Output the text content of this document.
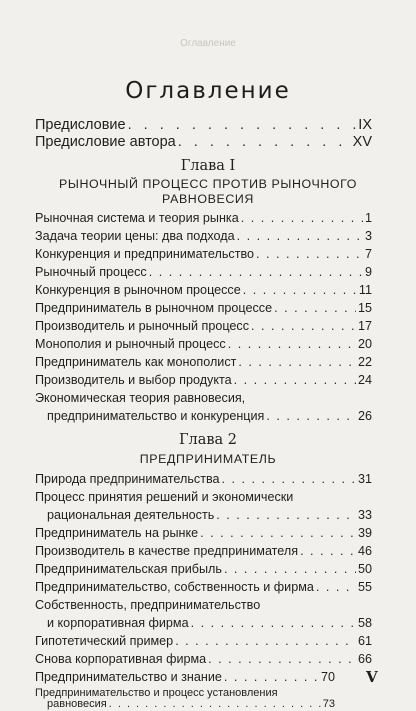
Оглавление
Оглавление
Предисловие . . .	IX
Предисловие автора . . .	XV
Глава I
РЫНОЧНЫЙ ПРОЦЕСС ПРОТИВ РЫНОЧНОГО
РАВНОВЕСИЯ
Рыночная система и теория рынка . . .	1
Задача теории цены: два подхода . . .	3
Конкуренция и предпринимательство . . .	7
Рыночный процесс . . .	9
Конкуренция в рыночном процессе . . .	11
Предприниматель в рыночном процессе . . .	15
Производитель и рыночный процесс . . .	17
Монополия и рыночный процесс . . .	20
Предприниматель как монополист . . .	22
Производитель и выбор продукта . . .	24
Экономическая теория равновесия,
предпринимательство и конкуренция . . .	26
Глава 2
ПРЕДПРИНИМАТЕЛЬ
Природа предпринимательства . . .	31
Процесс принятия решений и экономически
рациональная деятельность . . .	33
Предприниматель на рынке . . .	39
Производитель в качестве предпринимателя . . .	46
Предпринимательская прибыль . . .	50
Предпринимательство, собственность и фирма . . .	55
Собственность, предпринимательство
и корпоративная фирма . . .	58
Гипотетический пример . . .	61
Снова корпоративная фирма . . .	66
Предпринимательство и знание . . .	70
Предпринимательство и процесс установления
равновесия . . .	73
V
